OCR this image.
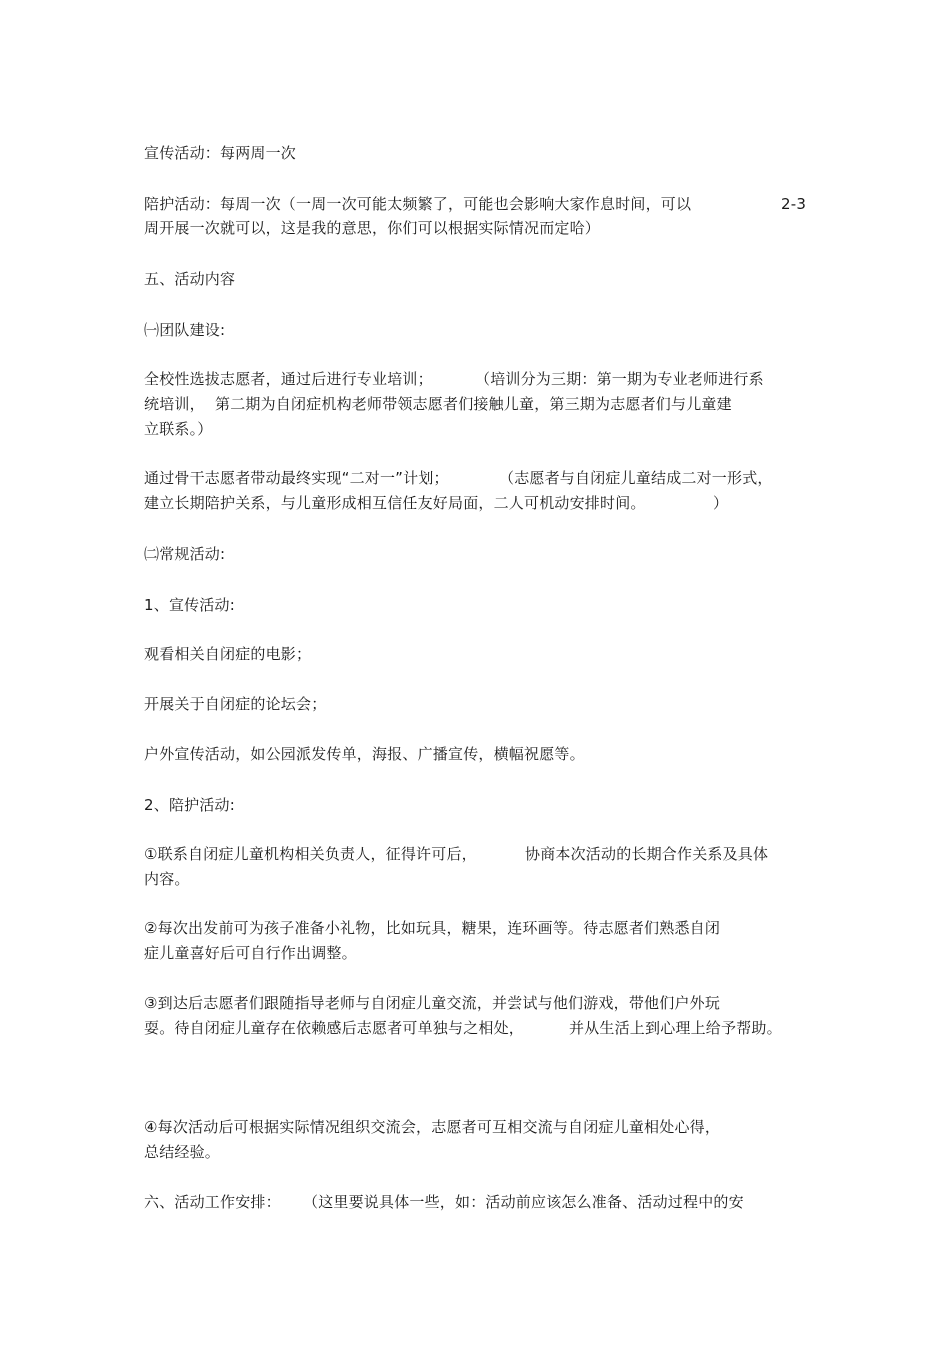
宣传活动：每两周一次
陪护活动：每周一次（一周一次可能太频繁了，可能也会影响大家作息时间，可以	2-3
周开展一次就可以，这是我的意思，你们可以根据实际情况而定哈）
五、活动内容
㈠团队建设:
全校性选拔志愿者，通过后进行专业培训；	（培训分为三期：第一期为专业老师进行系
统培训， 第二期为自闭症机构老师带领志愿者们接触儿童，第三期为志愿者们与儿童建
立联系。）
通过骨干志愿者带动最终实现“二对一”计划；	（志愿者与自闭症儿童结成二对一形式，
建立长期陪护关系，与儿童形成相互信任友好局面，二人可机动安排时间。	）
㈡常规活动:
1、宣传活动:
观看相关自闭症的电影；
开展关于自闭症的论坛会；
户外宣传活动，如公园派发传单，海报、广播宣传，横幅祝愿等。
2、陪护活动:
①联系自闭症儿童机构相关负责人，征得许可后，	协商本次活动的长期合作关系及具体
内容。
②每次出发前可为孩子准备小礼物，比如玩具，糖果，连环画等。待志愿者们熟悉自闭
症儿童喜好后可自行作出调整。
③到达后志愿者们跟随指导老师与自闭症儿童交流，并尝试与他们游戏，带他们户外玩
耍。待自闭症儿童存在依赖感后志愿者可单独与之相处，	并从生活上到心理上给予帮助。
④每次活动后可根据实际情况组织交流会，志愿者可互相交流与自闭症儿童相处心得，
总结经验。
六、活动工作安排： （这里要说具体一些，如：活动前应该怎么准备、活动过程中的安
